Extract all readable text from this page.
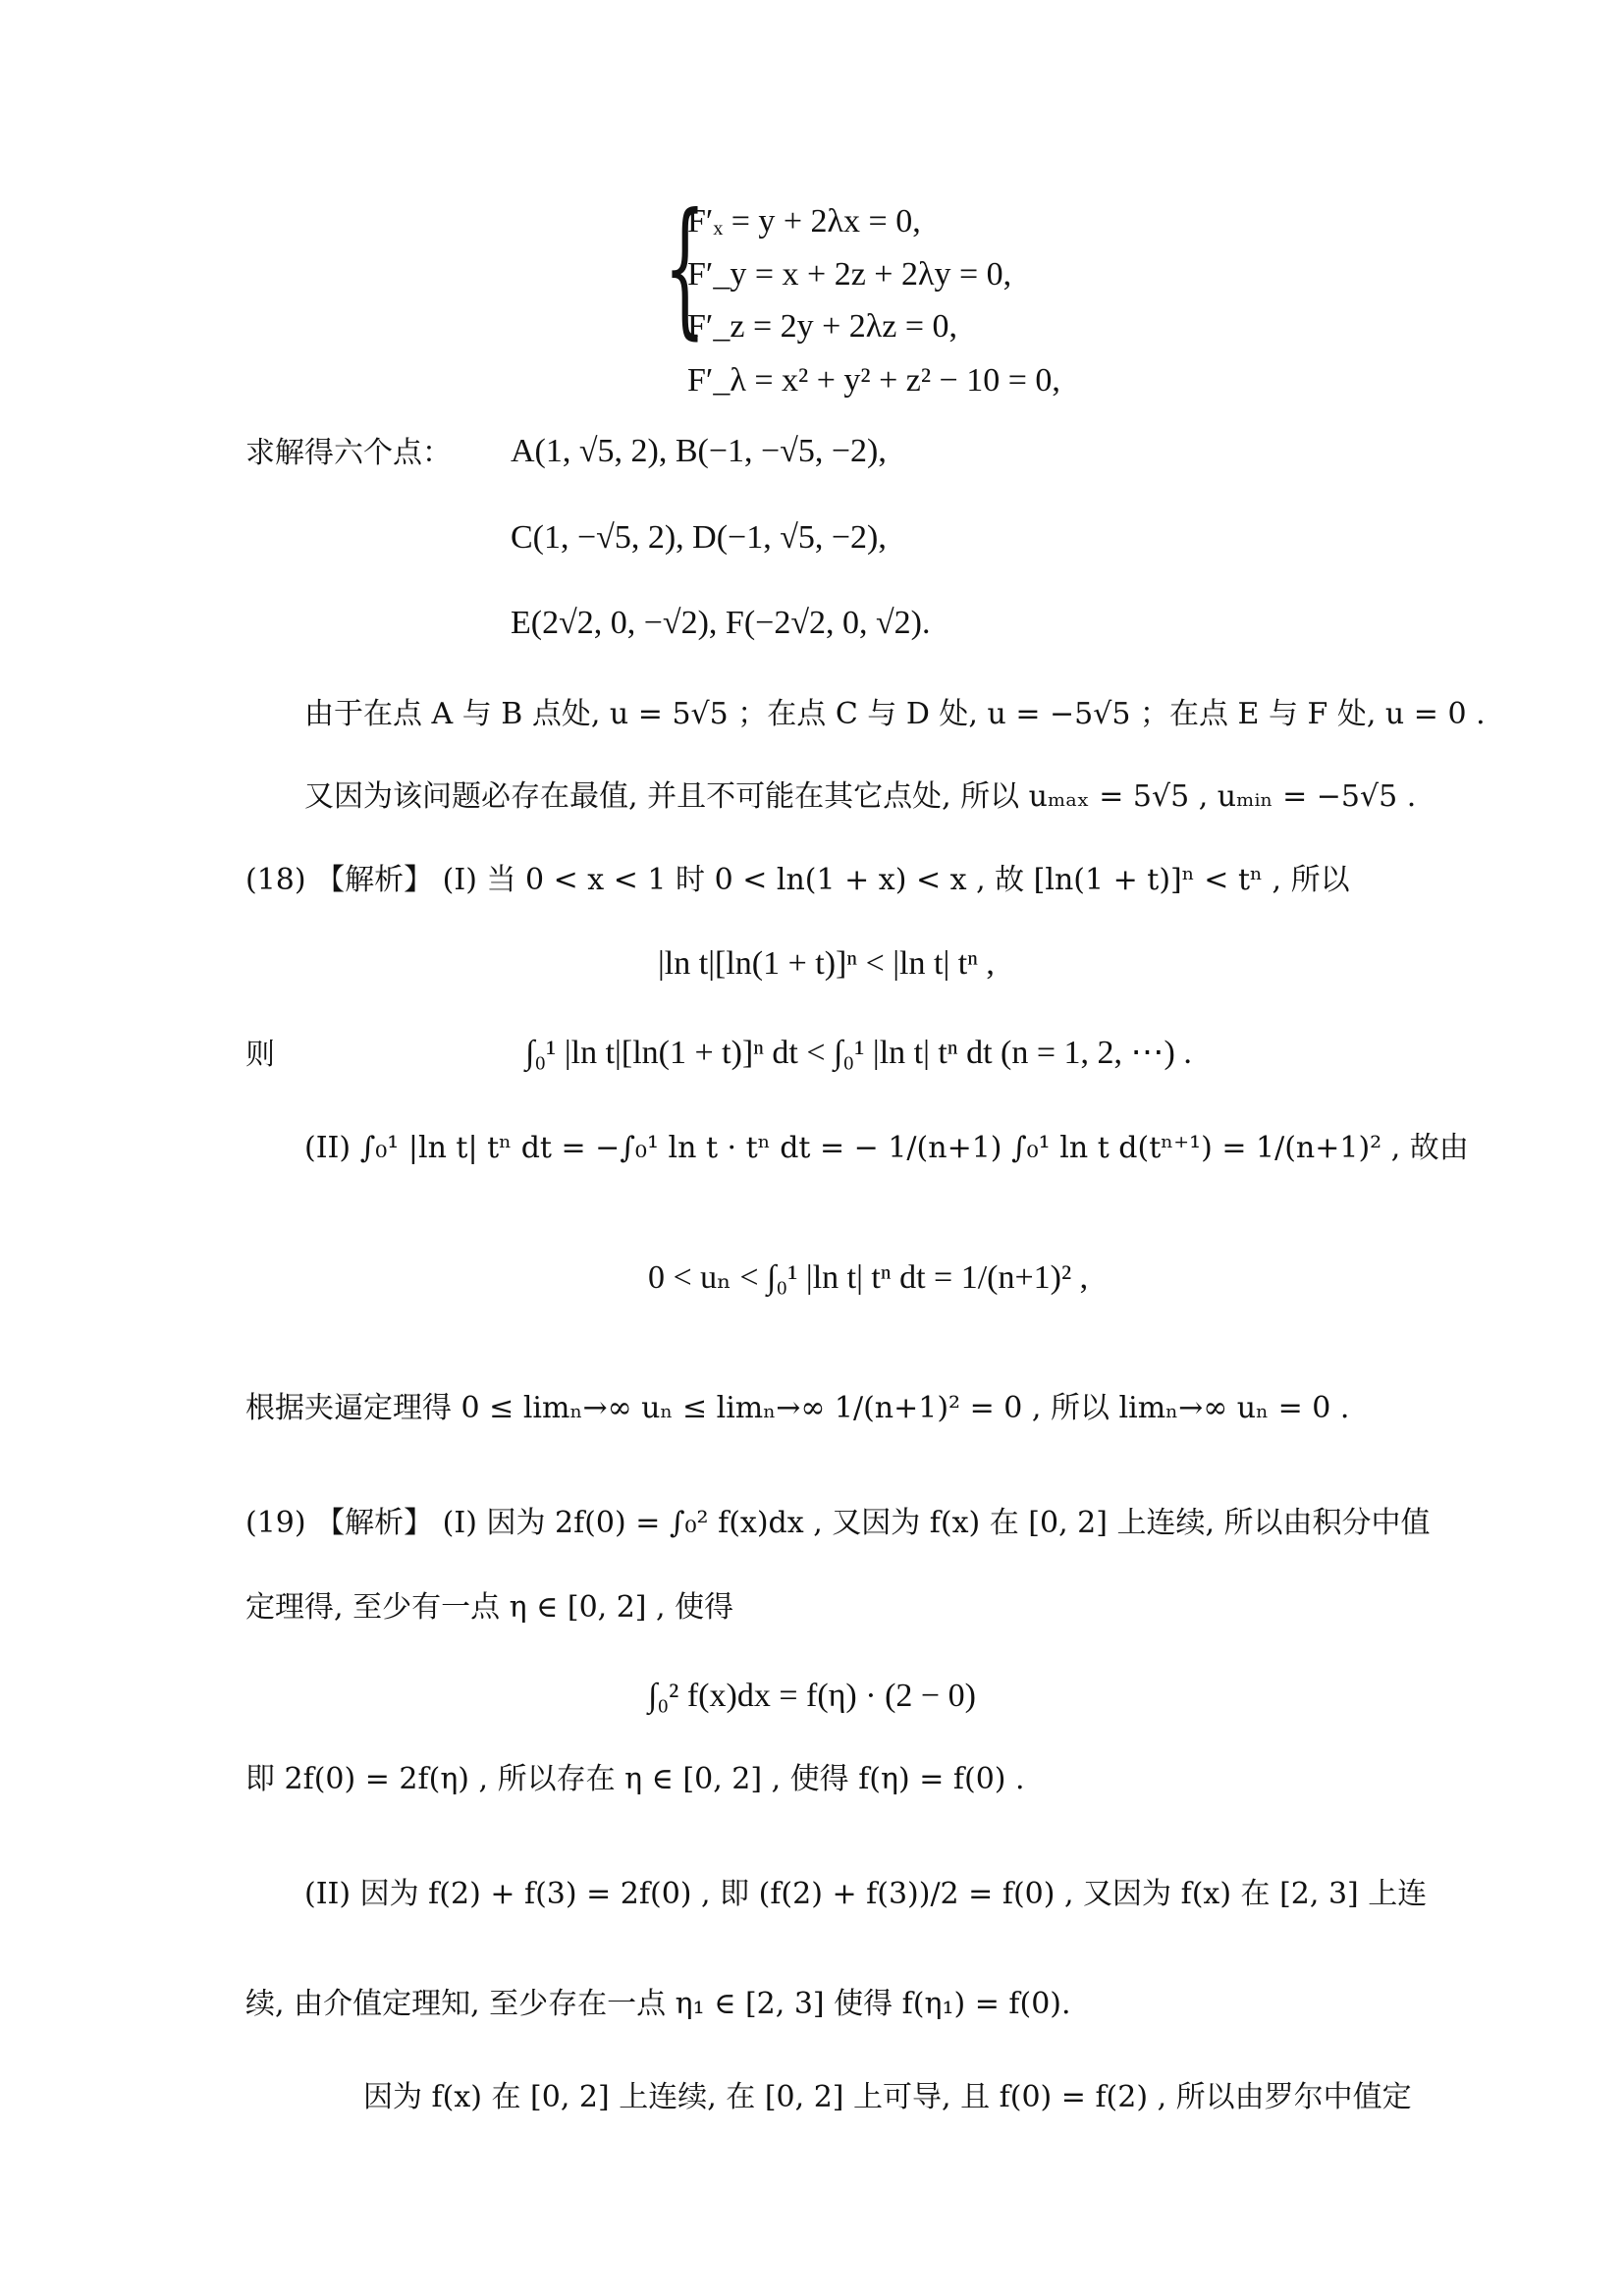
{
F′ₓ = y + 2λx = 0,
F′_y = x + 2z + 2λy = 0,
F′_z = 2y + 2λz = 0,
F′_λ = x² + y² + z² − 10 = 0,
求解得六个点： A(1, √5, 2), B(−1, −√5, −2),
C(1, −√5, 2), D(−1, √5, −2),
E(2√2, 0, −√2), F(−2√2, 0, √2).
由于在点 A 与 B 点处, u = 5√5 ；在点 C 与 D 处, u = −5√5 ；在点 E 与 F 处, u = 0 .
又因为该问题必存在最值, 并且不可能在其它点处, 所以 uₘₐₓ = 5√5 , uₘᵢₙ = −5√5 .
(18) 【解析】 (I) 当 0 < x < 1 时 0 < ln(1 + x) < x , 故 [ln(1 + t)]ⁿ < tⁿ , 所以
|ln t|[ln(1 + t)]ⁿ < |ln t| tⁿ ,
则	∫₀¹ |ln t|[ln(1 + t)]ⁿ dt < ∫₀¹ |ln t| tⁿ dt (n = 1, 2, ⋯) .
(II) ∫₀¹ |ln t| tⁿ dt = −∫₀¹ ln t · tⁿ dt = − 1/(n+1) ∫₀¹ ln t d(tⁿ⁺¹) = 1/(n+1)² , 故由
0 < uₙ < ∫₀¹ |ln t| tⁿ dt = 1/(n+1)² ,
根据夹逼定理得 0 ≤ limₙ→∞ uₙ ≤ limₙ→∞ 1/(n+1)² = 0 , 所以 limₙ→∞ uₙ = 0 .
(19) 【解析】 (I) 因为 2f(0) = ∫₀² f(x)dx , 又因为 f(x) 在 [0, 2] 上连续, 所以由积分中值
定理得, 至少有一点 η ∈ [0, 2] , 使得
∫₀² f(x)dx = f(η) · (2 − 0)
即 2f(0) = 2f(η) , 所以存在 η ∈ [0, 2] , 使得 f(η) = f(0) .
(II) 因为 f(2) + f(3) = 2f(0) , 即 (f(2) + f(3))/2 = f(0) , 又因为 f(x) 在 [2, 3] 上连
续, 由介值定理知, 至少存在一点 η₁ ∈ [2, 3] 使得 f(η₁) = f(0).
因为 f(x) 在 [0, 2] 上连续, 在 [0, 2] 上可导, 且 f(0) = f(2) , 所以由罗尔中值定
